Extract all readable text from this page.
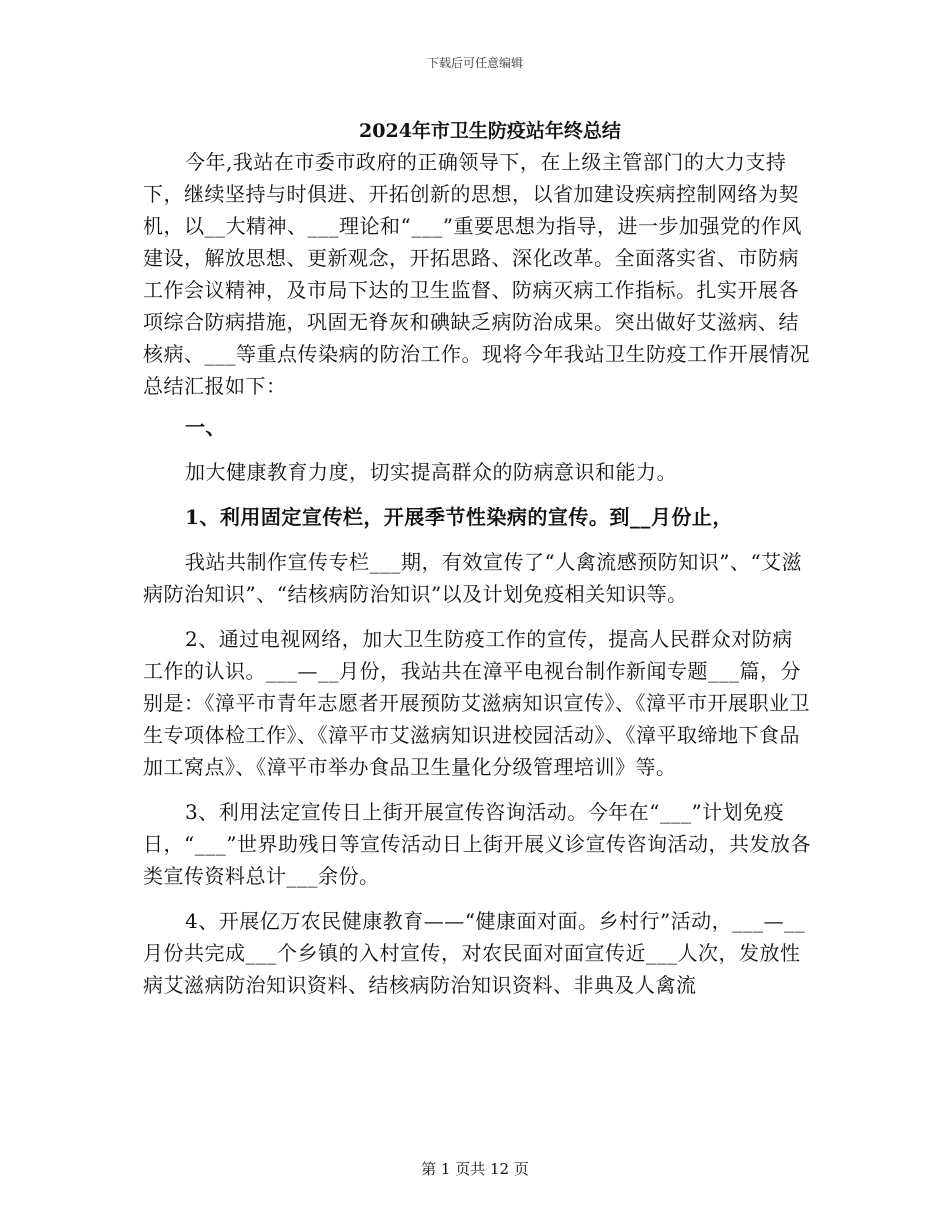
下载后可任意编辑
2024年市卫生防疫站年终总结

今年,我站在市委市政府的正确领导下，在上级主管部门的大力支持下，继续坚持与时俱进、开拓创新的思想，以省加建设疾病控制网络为契机，以__大精神、___理论和“___”重要思想为指导，进一步加强党的作风建设，解放思想、更新观念，开拓思路、深化改革。全面落实省、市防病工作会议精神，及市局下达的卫生监督、防病灭病工作指标。扎实开展各项综合防病措施，巩固无脊灰和碘缺乏病防治成果。突出做好艾滋病、结核病、___等重点传染病的防治工作。现将今年我站卫生防疫工作开展情况总结汇报如下：

一、

加大健康教育力度，切实提高群众的防病意识和能力。

1、利用固定宣传栏，开展季节性染病的宣传。到__月份止，

我站共制作宣传专栏___期，有效宣传了“人禽流感预防知识”、“艾滋病防治知识”、“结核病防治知识”以及计划免疫相关知识等。

2、通过电视网络，加大卫生防疫工作的宣传，提高人民群众对防病工作的认识。___—__月份，我站共在漳平电视台制作新闻专题___篇，分别是：《漳平市青年志愿者开展预防艾滋病知识宣传》、《漳平市开展职业卫生专项体检工作》、《漳平市艾滋病知识进校园活动》、《漳平取缔地下食品加工窝点》、《漳平市举办食品卫生量化分级管理培训》等。

3、利用法定宣传日上街开展宣传咨询活动。今年在“___”计划免疫日，“___”世界助残日等宣传活动日上街开展义诊宣传咨询活动，共发放各类宣传资料总计___余份。

4、开展亿万农民健康教育——“健康面对面。乡村行”活动，___—__月份共完成___个乡镇的入村宣传，对农民面对面宣传近___人次，发放性病艾滋病防治知识资料、结核病防治知识资料、非典及人禽流

第 1 页共 12 页
